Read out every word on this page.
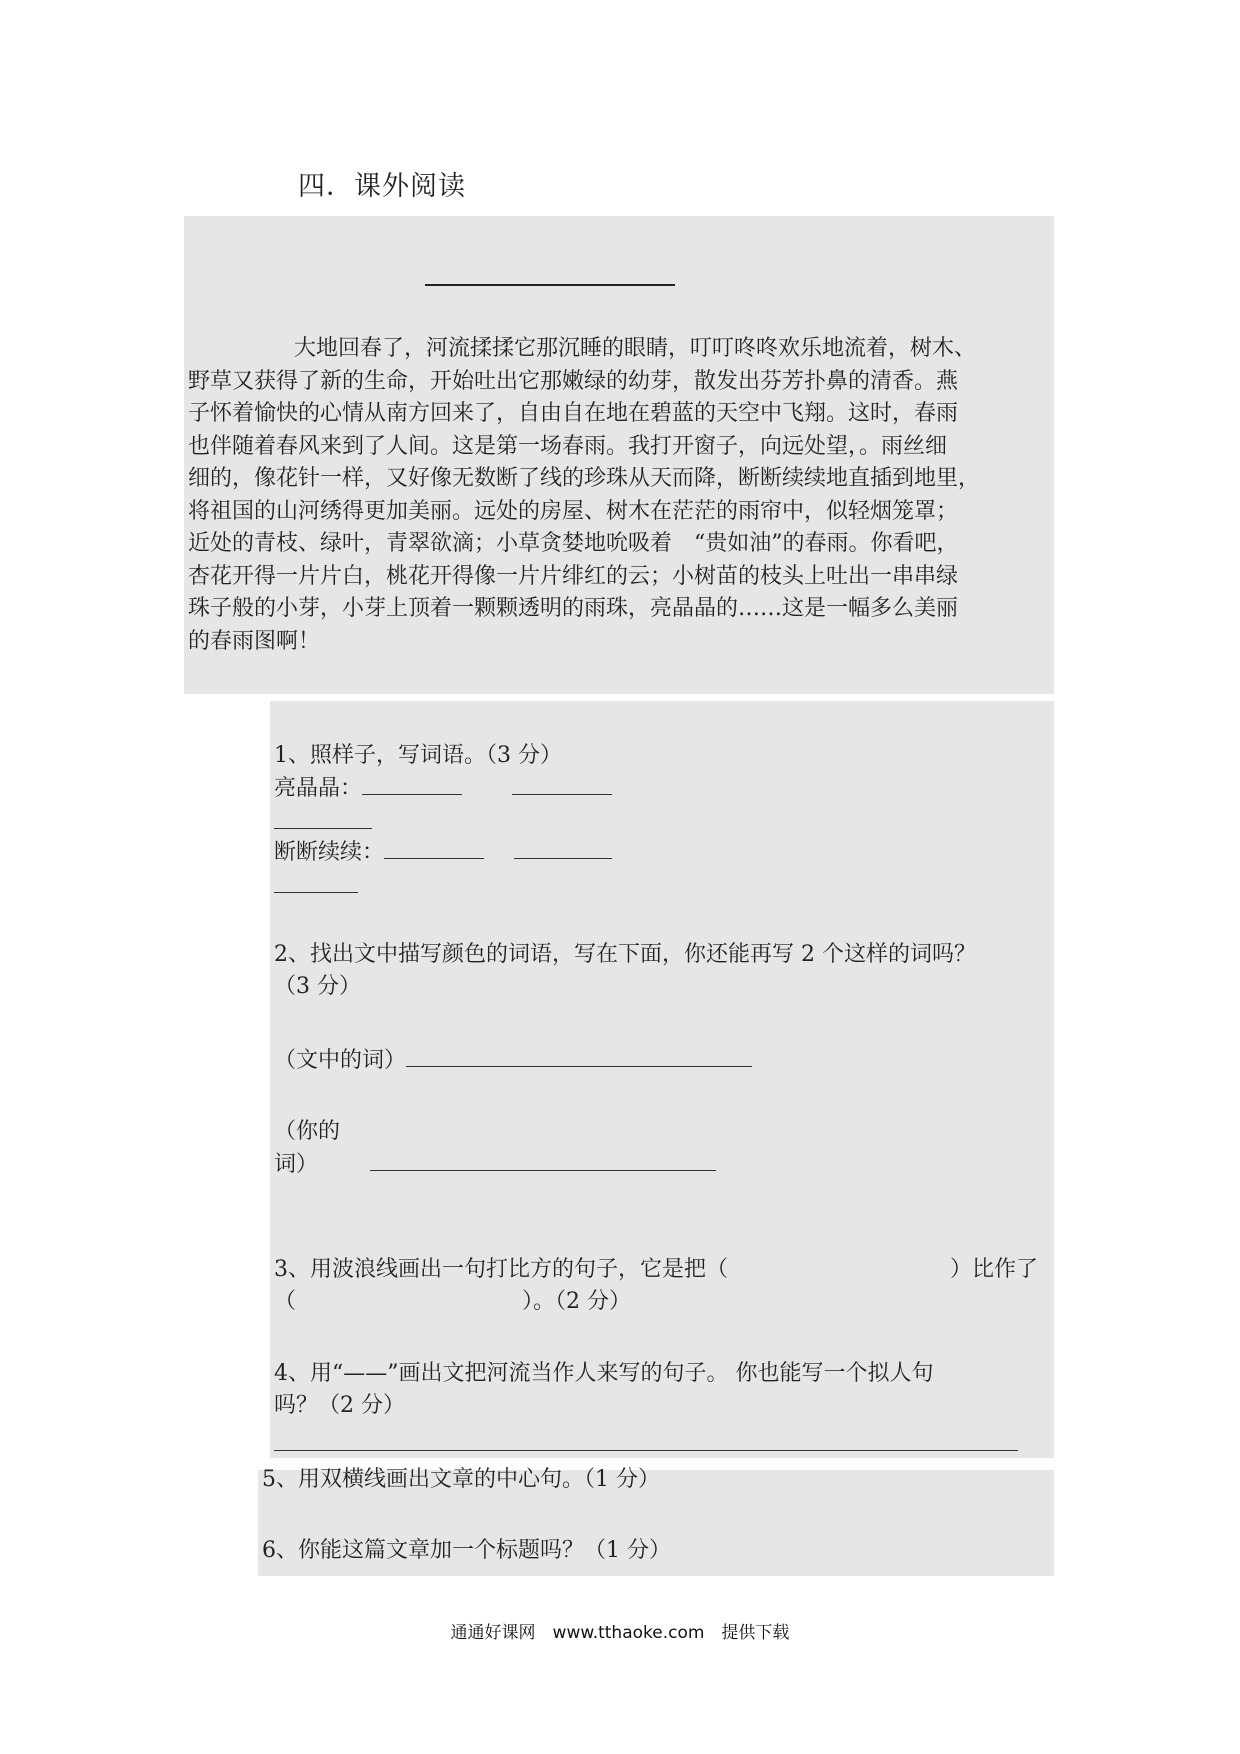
四．课外阅读
大地回春了，河流揉揉它那沉睡的眼睛，叮叮咚咚欢乐地流着，树木、
野草又获得了新的生命，开始吐出它那嫩绿的幼芽，散发出芬芳扑鼻的清香。燕
子怀着愉快的心情从南方回来了，自由自在地在碧蓝的天空中飞翔。这时，春雨
也伴随着春风来到了人间。这是第一场春雨。我打开窗子，向远处望，。雨丝细
细的，像花针一样，又好像无数断了线的珍珠从天而降，断断续续地直插到地里，
将祖国的山河绣得更加美丽。远处的房屋、树木在茫茫的雨帘中，似轻烟笼罩；
近处的青枝、绿叶，青翠欲滴；小草贪婪地吮吸着　“贵如油”的春雨。你看吧，
杏花开得一片片白，桃花开得像一片片绯红的云；小树苗的枝头上吐出一串串绿
珠子般的小芽，小芽上顶着一颗颗透明的雨珠，亮晶晶的……这是一幅多么美丽
的春雨图啊！

1、照样子，写词语。（3 分）

亮晶晶：

断断续续：

2、找出文中描写颜色的词语，写在下面，你还能再写 2 个这样的词吗？

（3 分）

（文中的词）

（你的

词）

3、用波浪线画出一句打比方的句子，它是把（	）比作了

（	）。（2 分）

4、用“——”画出文把河流当作人来写的句子。 你也能写一个拟人句

吗？（2 分）

5、用双横线画出文章的中心句。（1 分）

6、你能这篇文章加一个标题吗？（1 分）

通通好课网　www.tthaoke.com　提供下载
